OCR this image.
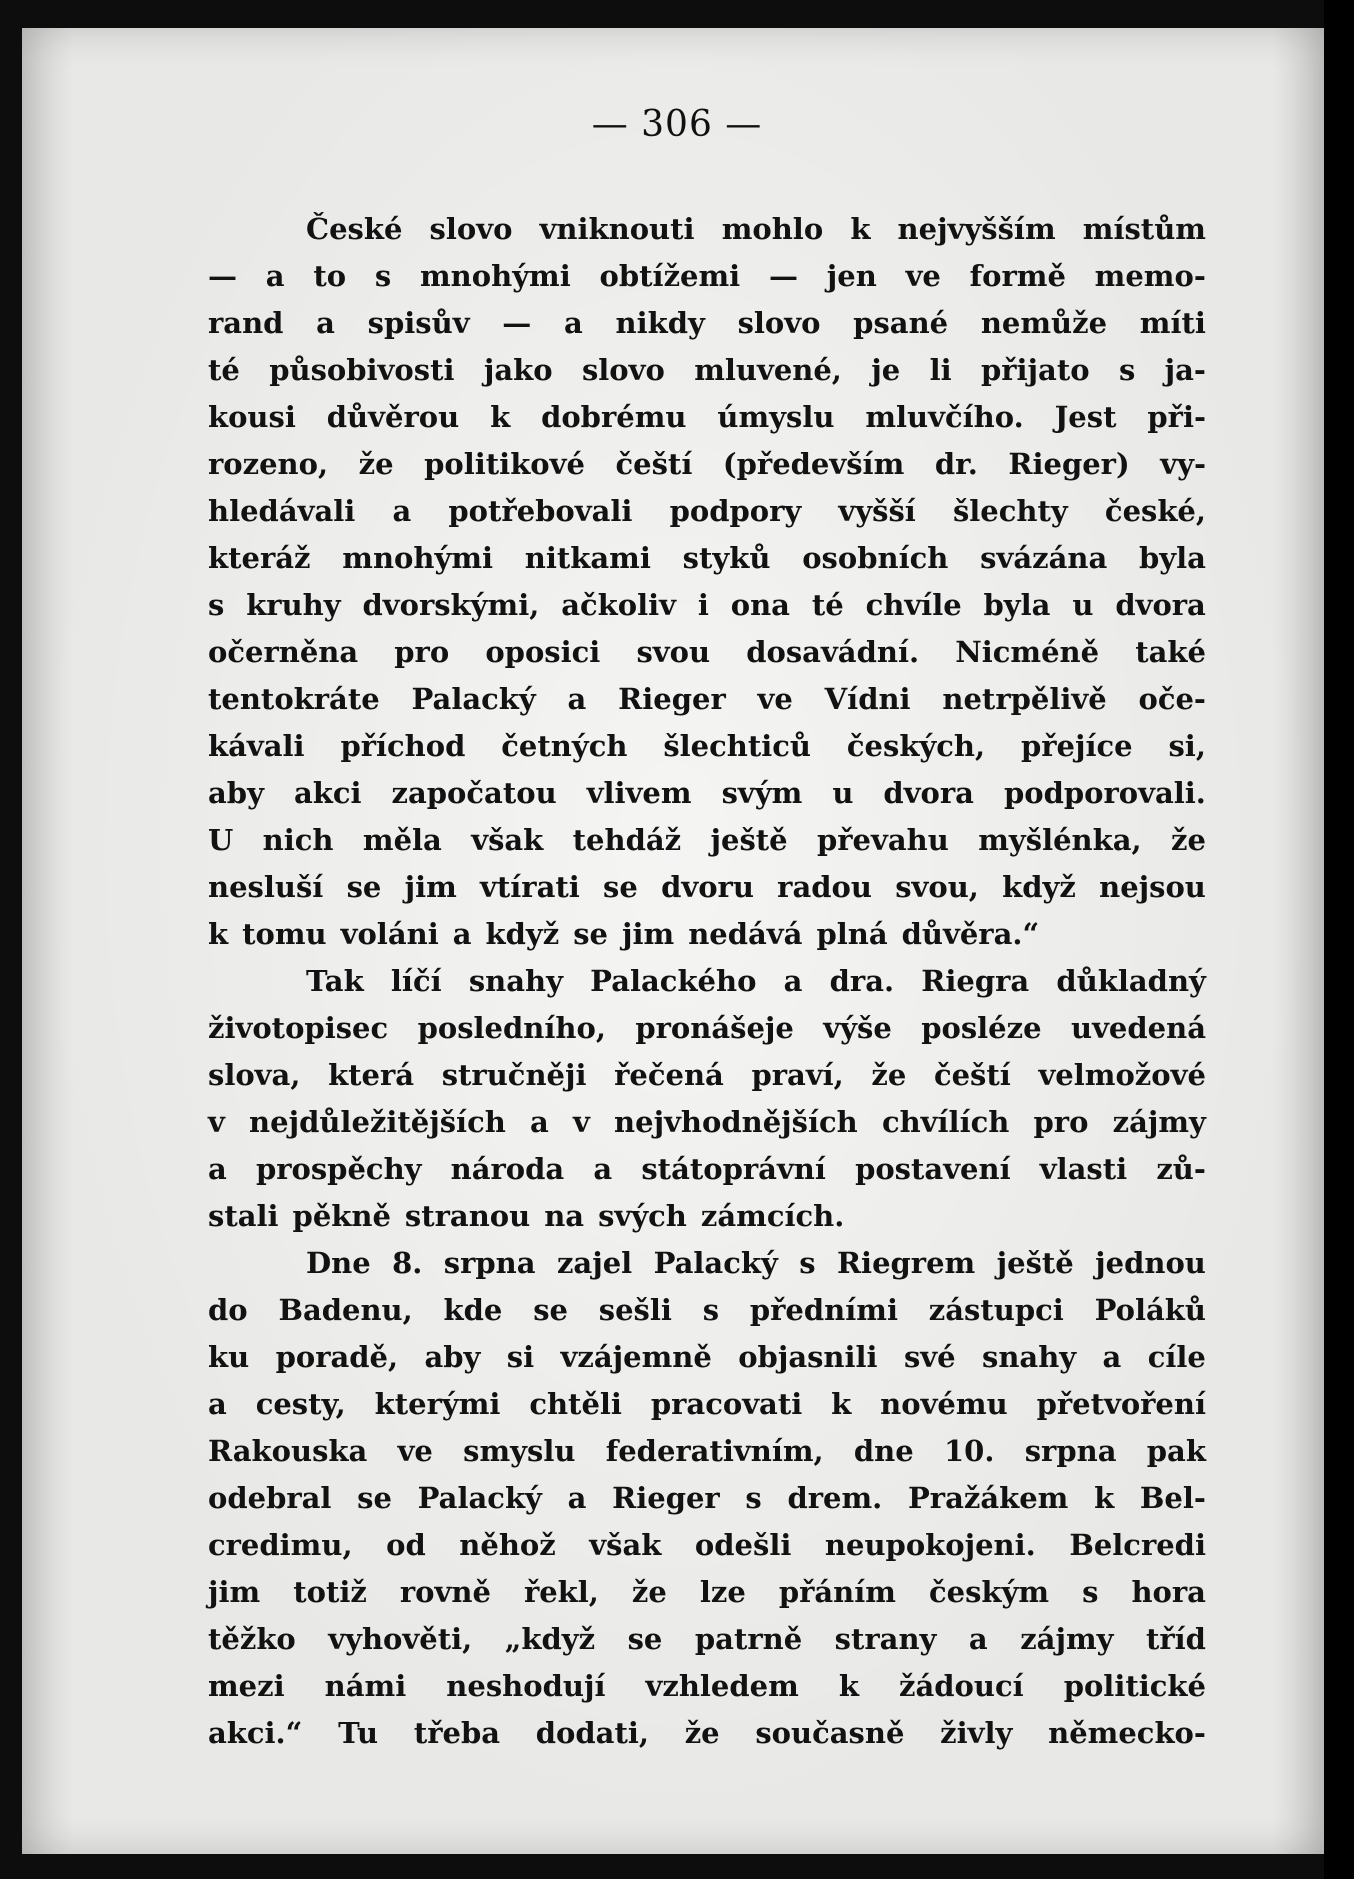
— 306 —
České slovo vniknouti mohlo k nejvyšším místům
— a to s mnohými obtížemi — jen ve formě memo-
rand a spisův — a nikdy slovo psané nemůže míti
té působivosti jako slovo mluvené, je li přijato s ja-
kousi důvěrou k dobrému úmyslu mluvčího. Jest při-
rozeno, že politikové čeští (především dr. Rieger) vy-
hledávali a potřebovali podpory vyšší šlechty české,
kteráž mnohými nitkami styků osobních svázána byla
s kruhy dvorskými, ačkoliv i ona té chvíle byla u dvora
očerněna pro oposici svou dosavádní. Nicméně také
tentokráte Palacký a Rieger ve Vídni netrpělivě oče-
kávali příchod četných šlechticů českých, přejíce si,
aby akci započatou vlivem svým u dvora podporovali.
U nich měla však tehdáž ještě převahu myšlénka, že
nesluší se jim vtírati se dvoru radou svou, když nejsou
k tomu voláni a když se jim nedává plná důvěra.“
Tak líčí snahy Palackého a dra. Riegra důkladný
životopisec posledního, pronášeje výše posléze uvedená
slova, která stručněji řečená praví, že čeští velmožové
v nejdůležitějších a v nejvhodnějších chvílích pro zájmy
a prospěchy národa a státoprávní postavení vlasti zů-
stali pěkně stranou na svých zámcích.
Dne 8. srpna zajel Palacký s Riegrem ještě jednou
do Badenu, kde se sešli s předními zástupci Poláků
ku poradě, aby si vzájemně objasnili své snahy a cíle
a cesty, kterými chtěli pracovati k novému přetvoření
Rakouska ve smyslu federativním, dne 10. srpna pak
odebral se Palacký a Rieger s drem. Pražákem k Bel-
credimu, od něhož však odešli neupokojeni. Belcredi
jim totiž rovně řekl, že lze přáním českým s hora
těžko vyhověti, „když se patrně strany a zájmy tříd
mezi námi neshodují vzhledem k žádoucí politické
akci.“ Tu třeba dodati, že současně živly německo-
